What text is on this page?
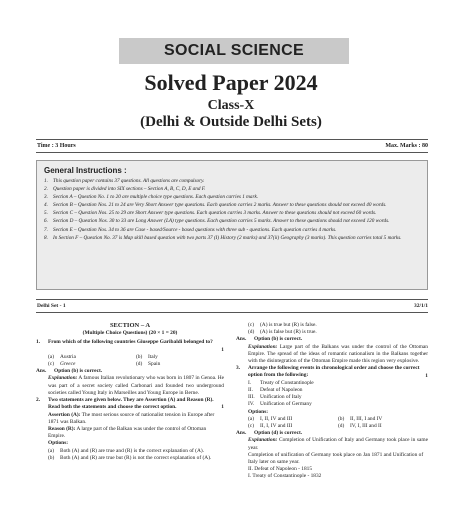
SOCIAL SCIENCE
Solved Paper 2024
Class-X
(Delhi & Outside Delhi Sets)
Time : 3 Hours	Max. Marks : 80
General Instructions :
1. This question paper contains 37 questions. All questions are compulsory.
2. Question paper is divided into SIX sections – Section A, B, C, D, E and F.
3. Section A – Question No. 1 to 20 are multiple choice type questions. Each question carries 1 mark.
4. Section B – Question Nos. 21 to 24 are Very Short Answer type questions. Each question carries 2 marks. Answer to these questions should not exceed 40 words.
5. Section C – Question Nos. 25 to 29 are Short Answer type questions. Each question carries 3 marks. Answer to these questions should not exceed 60 words.
6. Section D – Question Nos. 30 to 33 are Long Answer (LA) type questions. Each question carries 5 marks. Answer to these questions should not exceed 120 words.
7. Section E – Question Nos. 34 to 36 are Case - based/Source - based questions with three sub - questions. Each question carries 4 marks.
8. In Section F – Question No. 37 is Map skill based question with two parts 37 (I) History (2 marks) and 37(ii) Geography (3 marks). This question carries total 5 marks.
Delhi Set - 1	32/1/1
SECTION – A
(Multiple Choice Questions) (20 × 1 = 20)
1.	From which of the following countries Giuseppe Garibaldi belonged to?
1
(a)	Austria	(b)	Italy
(c)	Greece	(d)	Spain
Ans.	Option (b) is correct.
Explanation: A famous Italian revolutionary who was born in 1807 in Genoa. He was part of a secret society called Carbonari and founded two underground societies called Young Italy in Marseilles and Young Europe in Berne.
2.	Two statements are given below. They are Assertion (A) and Reason (R). Read both the statements and choose the correct option.	1
Assertion (A): The most serious source of nationalist tension in Europe after 1871 was Balkan.
Reason (R): A large part of the Balkan was under the control of Ottoman Empire.
Options:
(a)	Both (A) and (R) are true and (R) is the correct explanation of (A).
(b)	Both (A) and (R) are true but (R) is not the correct explanation of (A).
(c)	(A) is true but (R) is false.
(d)	(A) is false but (R) is true.
Ans.	Option (b) is correct.
Explanation: Large part of the Balkans was under the control of the Ottoman Empire. The spread of the ideas of romantic nationalism in the Balkans together with the disintegration of the Ottoman Empire made this region very explosive.
3.	Arrange the following events in chronological order and choose the correct option from the following:	1
I.	Treaty of Constantinople
II.	Defeat of Napoleon
III. Unification of Italy
IV.	Unification of Germany
Options:
(a)	I, II, IV and III	(b)	II, III, I and IV
(c)	II, I, IV and III	(d)	IV, I, III and II
Ans.	Option (d) is correct.
Explanation: Completion of Unification of Italy and Germany took place in same year.
Completion of unification of Germany took place on Jan 1871 and Unification of Italy later on same year.
II. Defeat of Napoleon - 1815
I. Treaty of Constantinople - 1832
